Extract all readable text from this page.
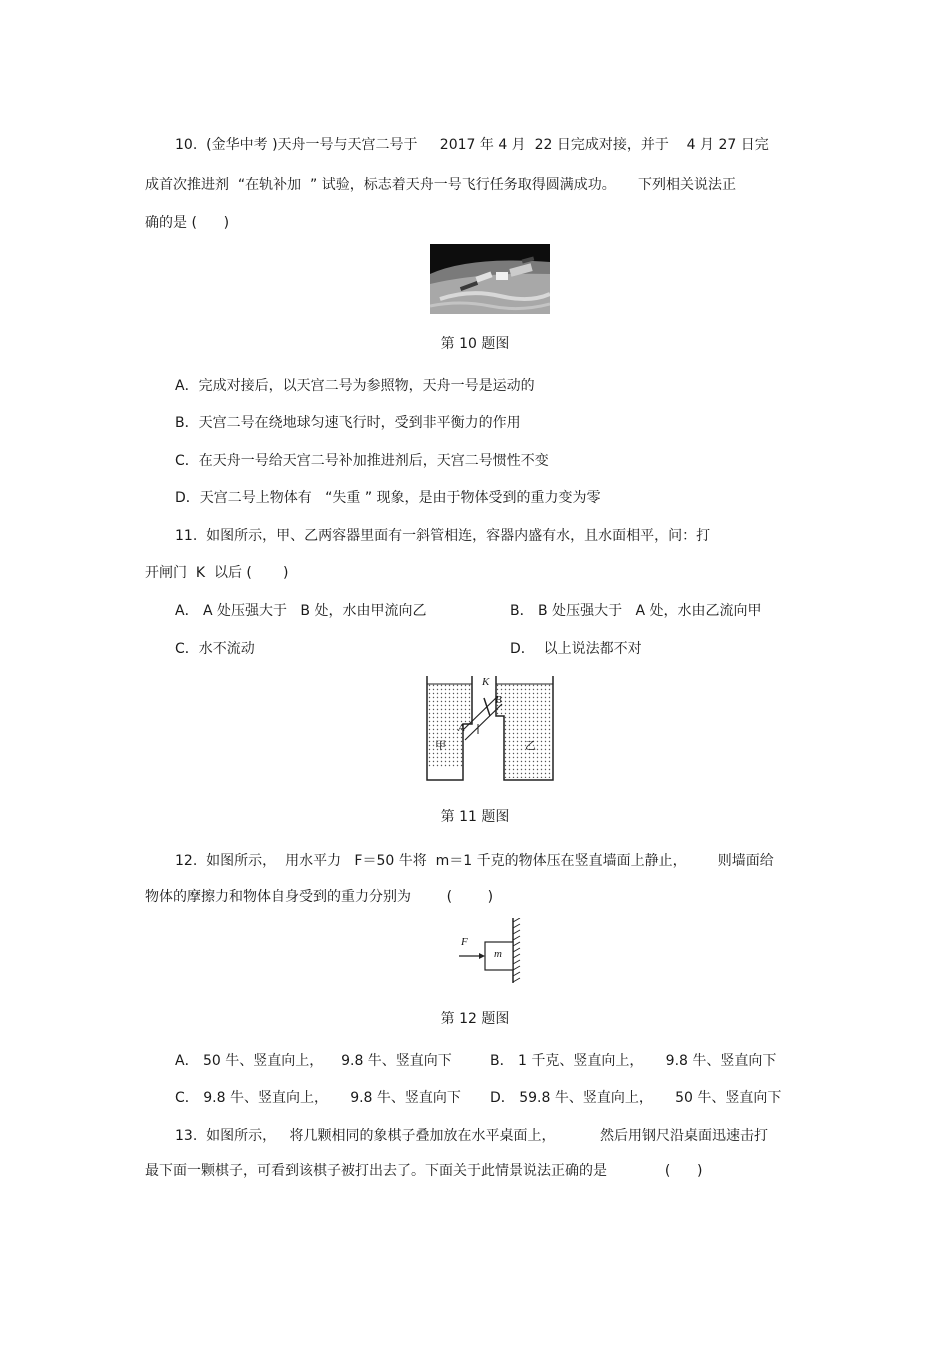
10.  (金华中考 )天舟一号与天宫二号于     2017 年 4 月  22 日完成对接，并于    4 月 27 日完

成首次推进剂  “在轨补加  ” 试验，标志着天舟一号飞行任务取得圆满成功。     下列相关说法正

确的是 (      )

第 10 题图

A．完成对接后，以天宫二号为参照物，天舟一号是运动的

B．天宫二号在绕地球匀速飞行时，受到非平衡力的作用

C．在天舟一号给天宫二号补加推进剂后，天宫二号惯性不变

D．天宫二号上物体有   “失重 ” 现象，是由于物体受到的重力变为零

11.  如图所示，甲、乙两容器里面有一斜管相连，容器内盛有水，且水面相平，问：打

开闸门  K  以后 (       )

A． A 处压强大于   B 处，水由甲流向乙	B． B 处压强大于   A 处，水由乙流向甲

C．水不流动	D．  以上说法都不对

K
B
A
甲	乙
第 11 题图

12.  如图所示，  用水平力   F＝50 牛将  m＝1 千克的物体压在竖直墙面上静止，       则墙面给

物体的摩擦力和物体自身受到的重力分别为        (        )

F
m
第 12 题图

A． 50 牛、竖直向上，    9.8 牛、竖直向下	B． 1 千克、竖直向上，     9.8 牛、竖直向下

C． 9.8 牛、竖直向上，     9.8 牛、竖直向下 D． 59.8 牛、竖直向上，     50 牛、竖直向下

13.  如图所示，   将几颗相同的象棋子叠加放在水平桌面上，          然后用钢尺沿桌面迅速击打

最下面一颗棋子，可看到该棋子被打出去了。下面关于此情景说法正确的是             (      )
